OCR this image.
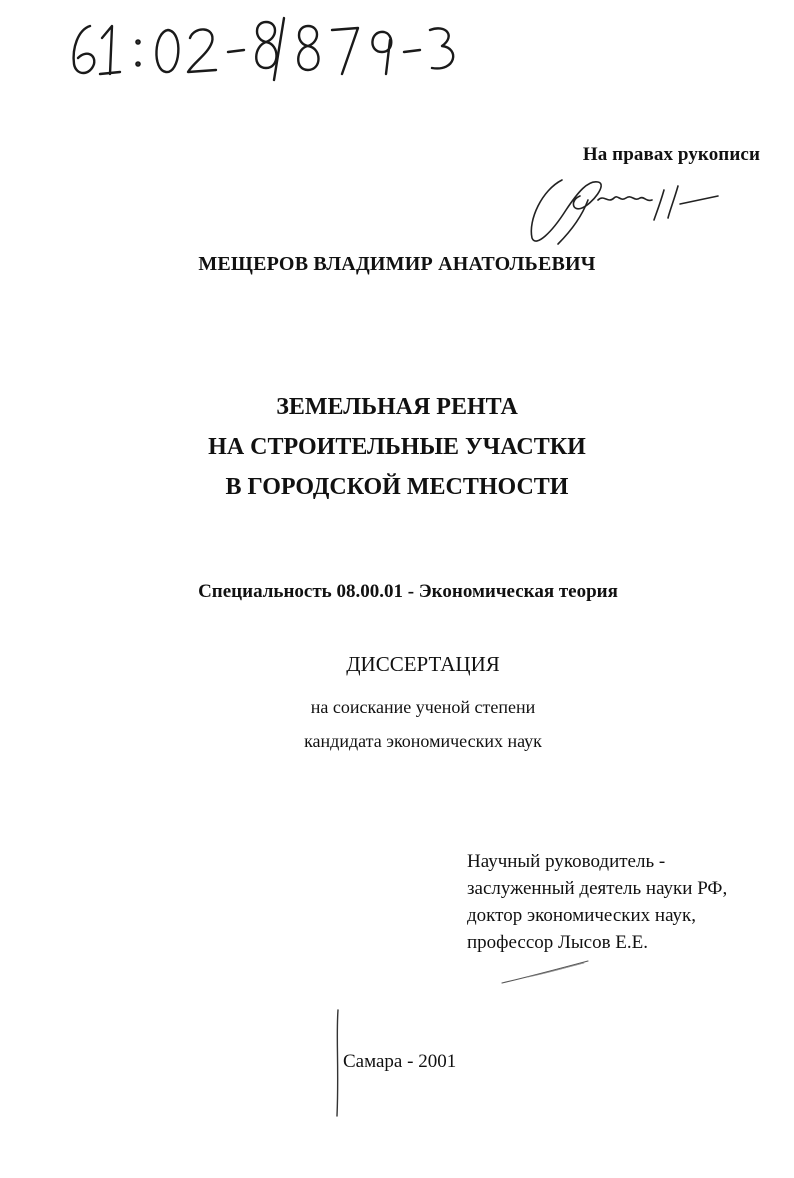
На правах рукописи
МЕЩЕРОВ ВЛАДИМИР АНАТОЛЬЕВИЧ
ЗЕМЕЛЬНАЯ РЕНТА
НА СТРОИТЕЛЬНЫЕ УЧАСТКИ
В ГОРОДСКОЙ МЕСТНОСТИ
Специальность 08.00.01 - Экономическая теория
ДИССЕРТАЦИЯ
на соискание ученой степени
кандидата экономических наук
Научный руководитель -
заслуженный деятель науки РФ,
доктор экономических наук,
профессор Лысов Е.Е.
Самара - 2001
